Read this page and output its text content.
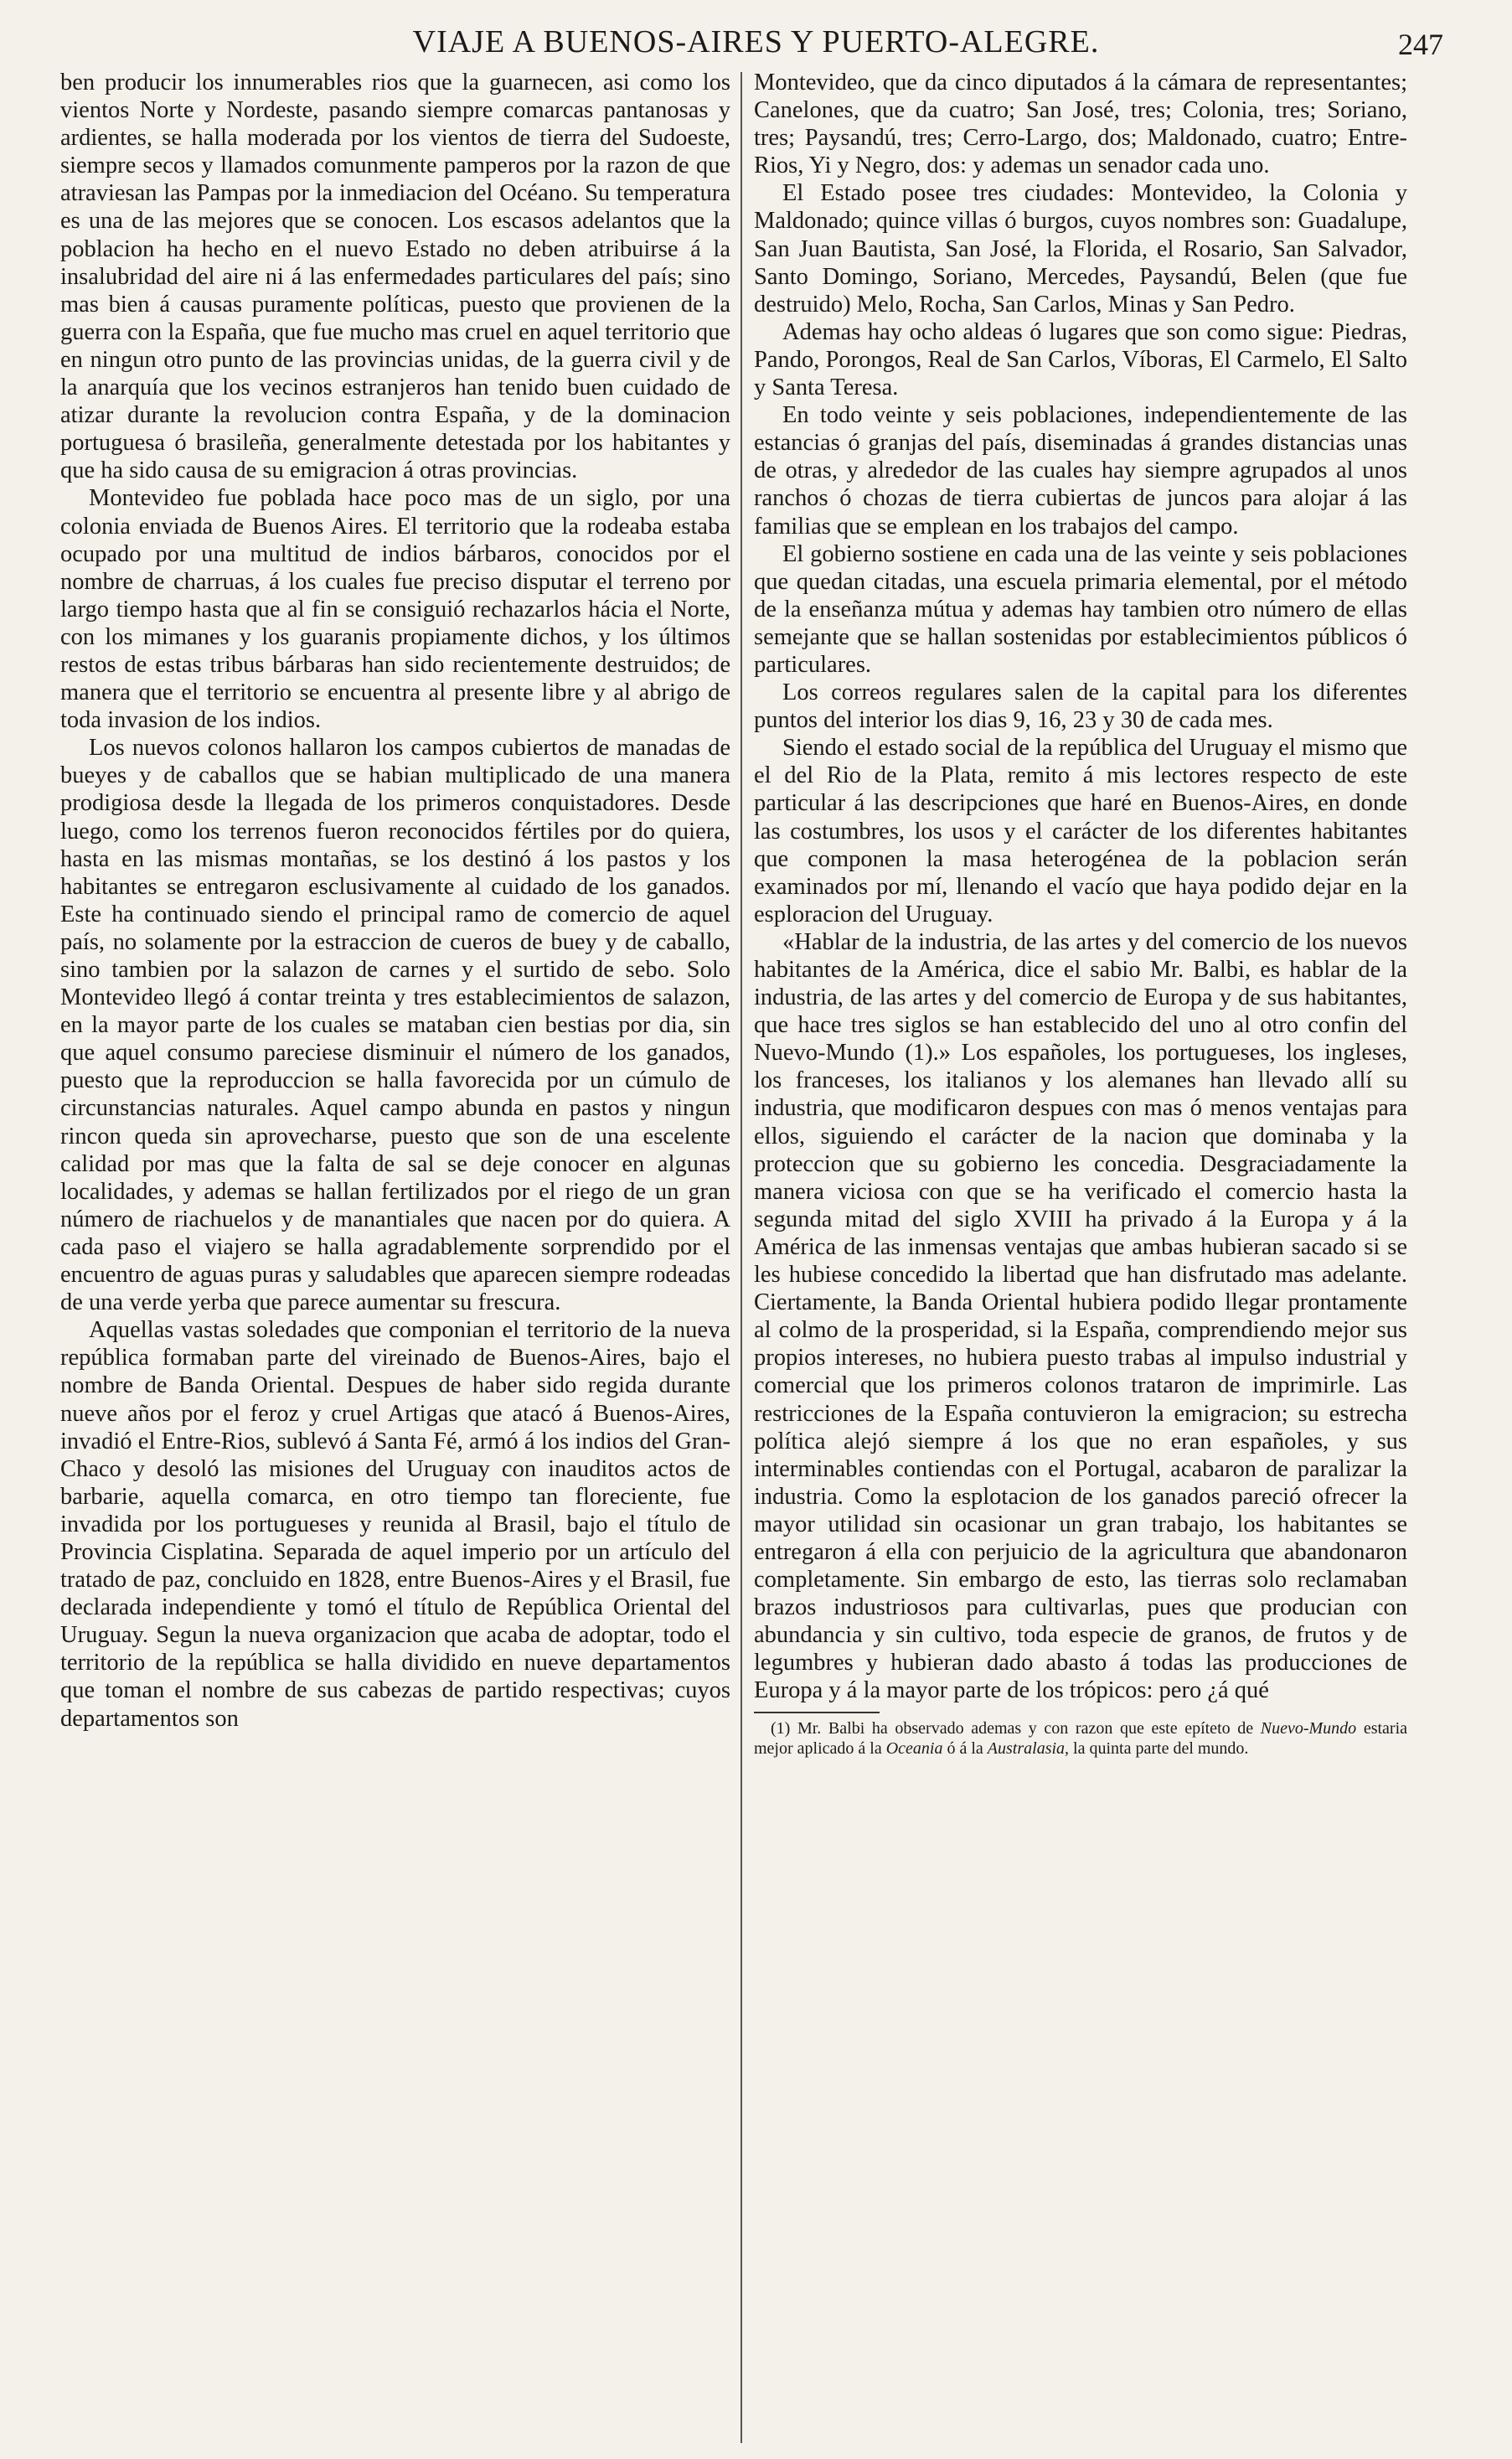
VIAJE A BUENOS-AIRES Y PUERTO-ALEGRE.	247

ben producir los innumerables rios que la guarnecen, asi como los vientos Norte y Nordeste, pasando siempre comarcas pantanosas y ardientes, se halla moderada por los vientos de tierra del Sudoeste, siempre secos y llamados comunmente pamperos por la razon de que atraviesan las Pampas por la inmediacion del Océano. Su temperatura es una de las mejores que se conocen. Los escasos adelantos que la poblacion ha hecho en el nuevo Estado no deben atribuirse á la insalubridad del aire ni á las enfermedades particulares del país; sino mas bien á causas puramente políticas, puesto que provienen de la guerra con la España, que fue mucho mas cruel en aquel territorio que en ningun otro punto de las provincias unidas, de la guerra civil y de la anarquía que los vecinos estranjeros han tenido buen cuidado de atizar durante la revolucion contra España, y de la dominacion portuguesa ó brasileña, generalmente detestada por los habitantes y que ha sido causa de su emigracion á otras provincias.

Montevideo fue poblada hace poco mas de un siglo, por una colonia enviada de Buenos Aires. El territorio que la rodeaba estaba ocupado por una multitud de indios bárbaros, conocidos por el nombre de charruas, á los cuales fue preciso disputar el terreno por largo tiempo hasta que al fin se consiguió rechazarlos hácia el Norte, con los mimanes y los guaranis propiamente dichos, y los últimos restos de estas tribus bárbaras han sido recientemente destruidos; de manera que el territorio se encuentra al presente libre y al abrigo de toda invasion de los indios.

Los nuevos colonos hallaron los campos cubiertos de manadas de bueyes y de caballos que se habian multiplicado de una manera prodigiosa desde la llegada de los primeros conquistadores. Desde luego, como los terrenos fueron reconocidos fértiles por do quiera, hasta en las mismas montañas, se los destinó á los pastos y los habitantes se entregaron esclusivamente al cuidado de los ganados. Este ha continuado siendo el principal ramo de comercio de aquel país, no solamente por la estraccion de cueros de buey y de caballo, sino tambien por la salazon de carnes y el surtido de sebo. Solo Montevideo llegó á contar treinta y tres establecimientos de salazon, en la mayor parte de los cuales se mataban cien bestias por dia, sin que aquel consumo pareciese disminuir el número de los ganados, puesto que la reproduccion se halla favorecida por un cúmulo de circunstancias naturales. Aquel campo abunda en pastos y ningun rincon queda sin aprovecharse, puesto que son de una escelente calidad por mas que la falta de sal se deje conocer en algunas localidades, y ademas se hallan fertilizados por el riego de un gran número de riachuelos y de manantiales que nacen por do quiera. A cada paso el viajero se halla agradablemente sorprendido por el encuentro de aguas puras y saludables que aparecen siempre rodeadas de una verde yerba que parece aumentar su frescura.

Aquellas vastas soledades que componian el territorio de la nueva república formaban parte del vireinado de Buenos-Aires, bajo el nombre de Banda Oriental. Despues de haber sido regida durante nueve años por el feroz y cruel Artigas que atacó á Buenos-Aires, invadió el Entre-Rios, sublevó á Santa Fé, armó á los indios del Gran-Chaco y desoló las misiones del Uruguay con inauditos actos de barbarie, aquella comarca, en otro tiempo tan floreciente, fue invadida por los portugueses y reunida al Brasil, bajo el título de Provincia Cisplatina. Separada de aquel imperio por un artículo del tratado de paz, concluido en 1828, entre Buenos-Aires y el Brasil, fue declarada independiente y tomó el título de República Oriental del Uruguay. Segun la nueva organizacion que acaba de adoptar, todo el territorio de la república se halla dividido en nueve departamentos que toman el nombre de sus cabezas de partido respectivas; cuyos departamentos son

Montevideo, que da cinco diputados á la cámara de representantes; Canelones, que da cuatro; San José, tres; Colonia, tres; Soriano, tres; Paysandú, tres; Cerro-Largo, dos; Maldonado, cuatro; Entre-Rios, Yi y Negro, dos: y ademas un senador cada uno.

El Estado posee tres ciudades: Montevideo, la Colonia y Maldonado; quince villas ó burgos, cuyos nombres son: Guadalupe, San Juan Bautista, San José, la Florida, el Rosario, San Salvador, Santo Domingo, Soriano, Mercedes, Paysandú, Belen (que fue destruido) Melo, Rocha, San Carlos, Minas y San Pedro.

Ademas hay ocho aldeas ó lugares que son como sigue: Piedras, Pando, Porongos, Real de San Carlos, Víboras, El Carmelo, El Salto y Santa Teresa.

En todo veinte y seis poblaciones, independientemente de las estancias ó granjas del país, diseminadas á grandes distancias unas de otras, y alrededor de las cuales hay siempre agrupados al unos ranchos ó chozas de tierra cubiertas de juncos para alojar á las familias que se emplean en los trabajos del campo.

El gobierno sostiene en cada una de las veinte y seis poblaciones que quedan citadas, una escuela primaria elemental, por el método de la enseñanza mútua y ademas hay tambien otro número de ellas semejante que se hallan sostenidas por establecimientos públicos ó particulares.

Los correos regulares salen de la capital para los diferentes puntos del interior los dias 9, 16, 23 y 30 de cada mes.

Siendo el estado social de la república del Uruguay el mismo que el del Rio de la Plata, remito á mis lectores respecto de este particular á las descripciones que haré en Buenos-Aires, en donde las costumbres, los usos y el carácter de los diferentes habitantes que componen la masa heterogénea de la poblacion serán examinados por mí, llenando el vacío que haya podido dejar en la esploracion del Uruguay.

«Hablar de la industria, de las artes y del comercio de los nuevos habitantes de la América, dice el sabio Mr. Balbi, es hablar de la industria, de las artes y del comercio de Europa y de sus habitantes, que hace tres siglos se han establecido del uno al otro confin del Nuevo-Mundo (1).» Los españoles, los portugueses, los ingleses, los franceses, los italianos y los alemanes han llevado allí su industria, que modificaron despues con mas ó menos ventajas para ellos, siguiendo el carácter de la nacion que dominaba y la proteccion que su gobierno les concedia. Desgraciadamente la manera viciosa con que se ha verificado el comercio hasta la segunda mitad del siglo XVIII ha privado á la Europa y á la América de las inmensas ventajas que ambas hubieran sacado si se les hubiese concedido la libertad que han disfrutado mas adelante. Ciertamente, la Banda Oriental hubiera podido llegar prontamente al colmo de la prosperidad, si la España, comprendiendo mejor sus propios intereses, no hubiera puesto trabas al impulso industrial y comercial que los primeros colonos trataron de imprimirle. Las restricciones de la España contuvieron la emigracion; su estrecha política alejó siempre á los que no eran españoles, y sus interminables contiendas con el Portugal, acabaron de paralizar la industria. Como la esplotacion de los ganados pareció ofrecer la mayor utilidad sin ocasionar un gran trabajo, los habitantes se entregaron á ella con perjuicio de la agricultura que abandonaron completamente. Sin embargo de esto, las tierras solo reclamaban brazos industriosos para cultivarlas, pues que producian con abundancia y sin cultivo, toda especie de granos, de frutos y de legumbres y hubieran dado abasto á todas las producciones de Europa y á la mayor parte de los trópicos: pero ¿á qué

(1) Mr. Balbi ha observado ademas y con razon que este epíteto de Nuevo-Mundo estaria mejor aplicado á la Oceania ó á la Australasia, la quinta parte del mundo.
